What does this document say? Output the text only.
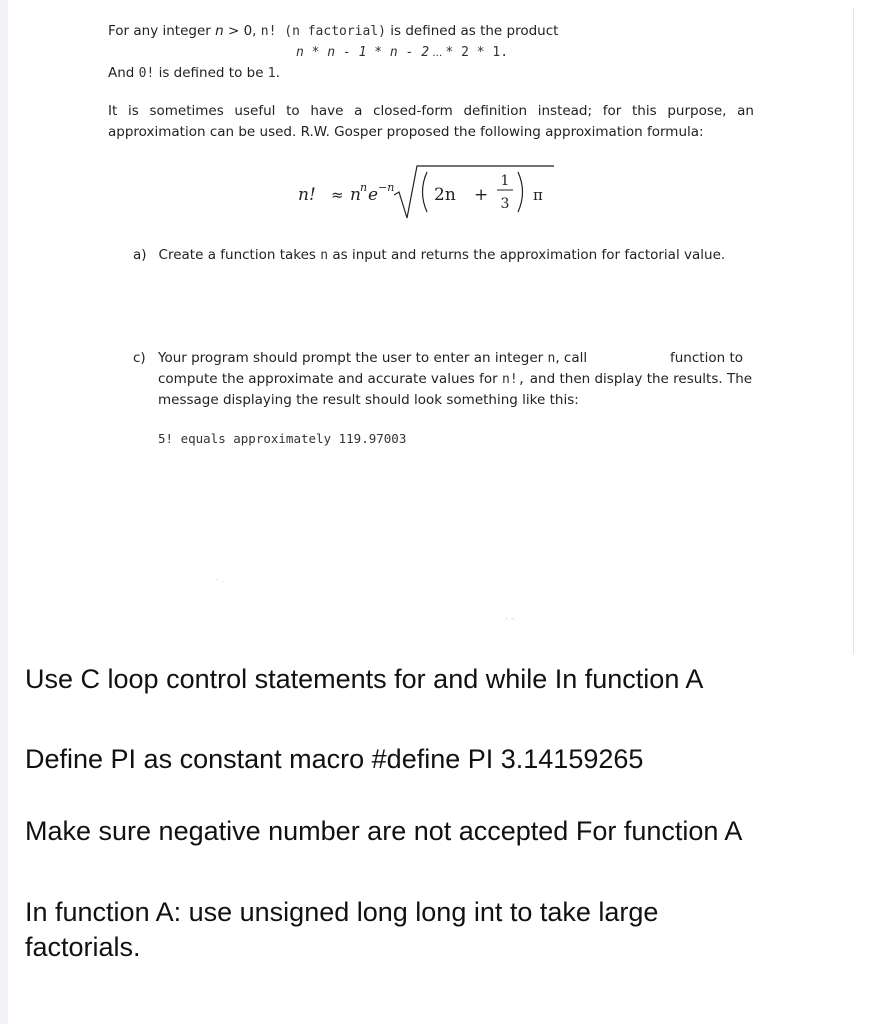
For any integer n > 0, n! (n factorial) is defined as the product
n * n - 1 * n - 2 … * 2 * 1.
And 0! is defined to be 1.
It is sometimes useful to have a closed-form definition instead; for this purpose, an
approximation can be used. R.W. Gosper proposed the following approximation formula:
n! ≈ n n e −n 2n +
1
3 π
a) Create a function takes n as input and returns the approximation for factorial value.
c) Your program should prompt the user to enter an integer n, call	function to
compute the approximate and accurate values for n!, and then display the results. The
message displaying the result should look something like this:
5! equals approximately 119.97003
‐ .
‐ ‐
Use C loop control statements for and while In function A
Define PI as constant macro #define PI 3.14159265
Make sure negative number are not accepted For function A
In function A: use unsigned long long int to take large
factorials.
